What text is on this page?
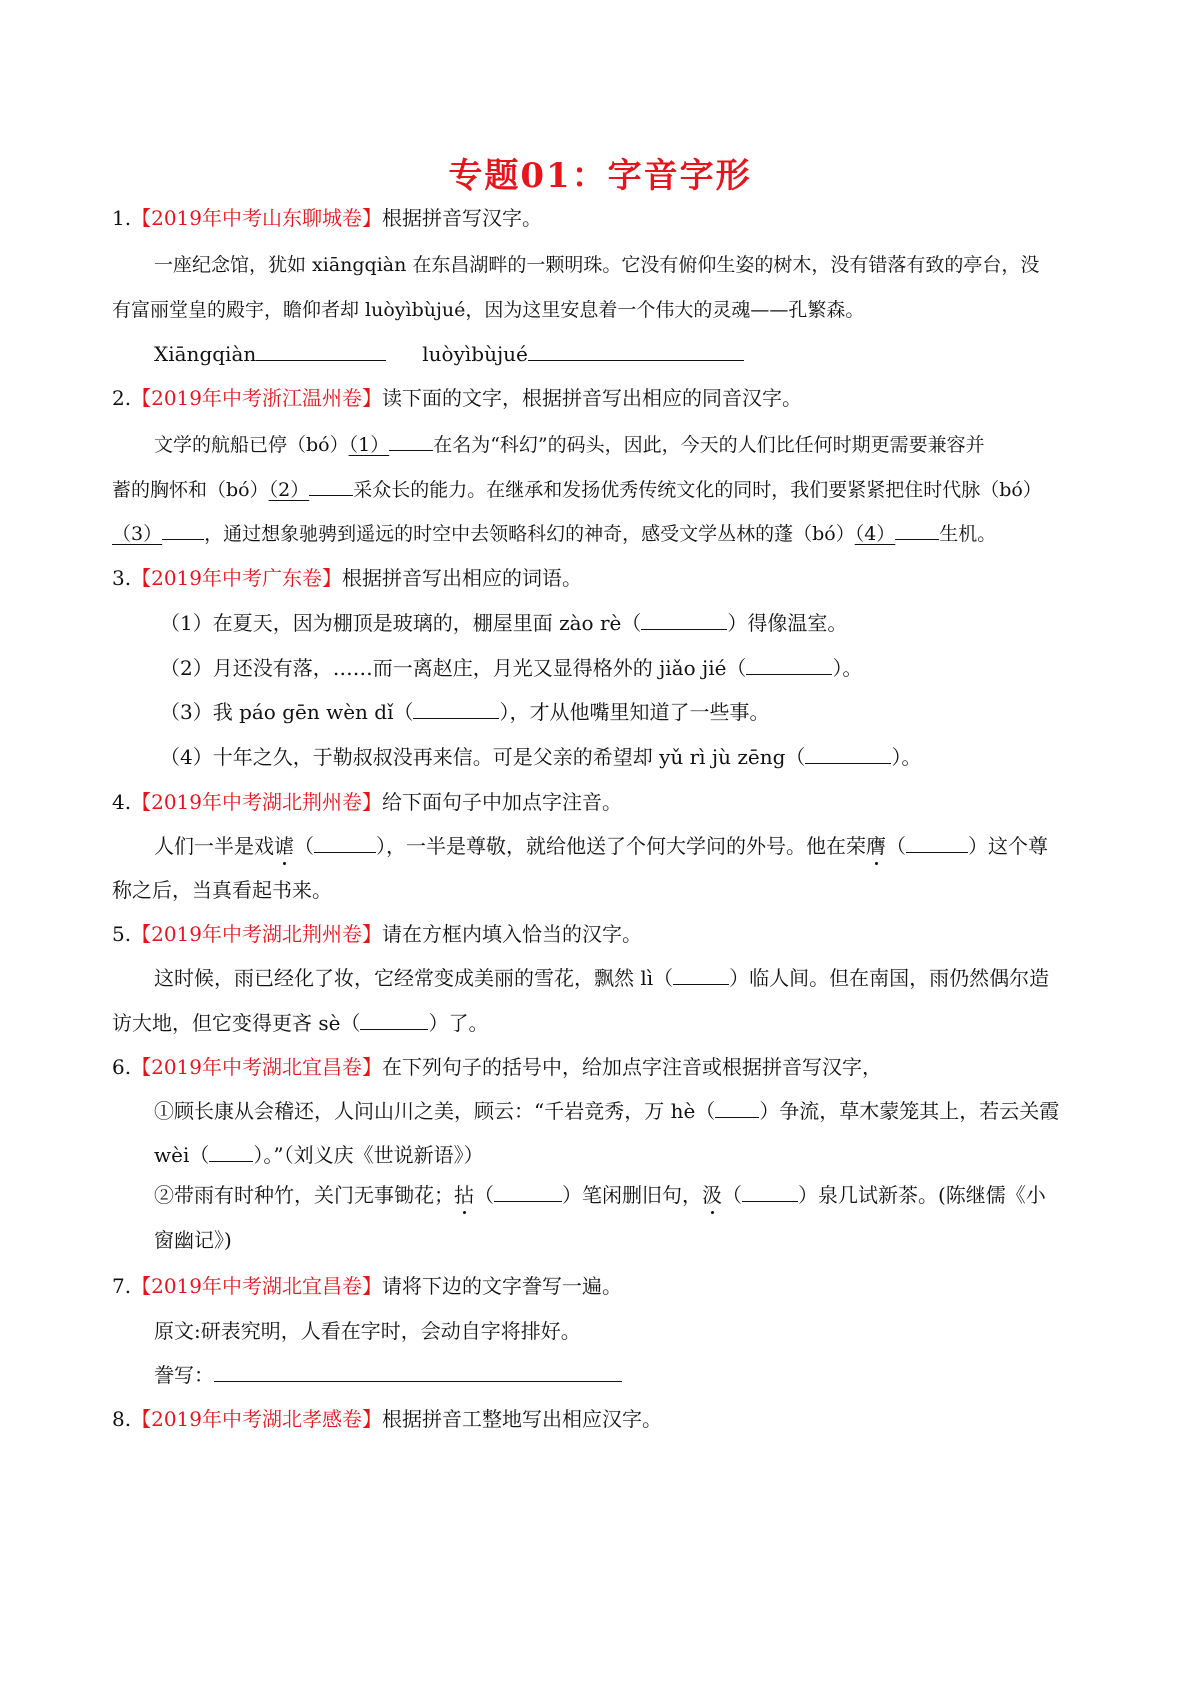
专题01：字音字形
1.【2019年中考山东聊城卷】根据拼音写汉字。
一座纪念馆，犹如 xiāngqiàn 在东昌湖畔的一颗明珠。它没有俯仰生姿的树木，没有错落有致的亭台，没
有富丽堂皇的殿宇，瞻仰者却 luòyìbùjué，因为这里安息着一个伟大的灵魂——孔繁森。
Xiāngqiàn	luòyìbùjué
2.【2019年中考浙江温州卷】读下面的文字，根据拼音写出相应的同音汉字。
文学的航船已停（bó）（1） 在名为“科幻”的码头，因此，今天的人们比任何时期更需要兼容并
蓄的胸怀和（bó）（2） 采众长的能力。在继承和发扬优秀传统文化的同时，我们要紧紧把住时代脉（bó）
（3） ，通过想象驰骋到遥远的时空中去领略科幻的神奇，感受文学丛林的蓬（bó）（4） 生机。
3.【2019年中考广东卷】根据拼音写出相应的词语。
（1）在夏天，因为棚顶是玻璃的，棚屋里面 zào rè（	）得像温室。
（2）月还没有落，……而一离赵庄，月光又显得格外的 jiǎo jié（	）。
（3）我 páo gēn wèn dǐ（	），才从他嘴里知道了一些事。
（4）十年之久，于勒叔叔没再来信。可是父亲的希望却 yǔ rì jù zēng（	）。
4.【2019年中考湖北荆州卷】给下面句子中加点字注音。
人们一半是戏谑（	），一半是尊敬，就给他送了个何大学问的外号。他在荣膺（	）这个尊
称之后，当真看起书来。
5.【2019年中考湖北荆州卷】请在方框内填入恰当的汉字。
这时候，雨已经化了妆，它经常变成美丽的雪花，飘然 lì（	）临人间。但在南国，雨仍然偶尔造
访大地，但它变得更吝 sè（	）了。
6.【2019年中考湖北宜昌卷】在下列句子的括号中，给加点字注音或根据拼音写汉字，
①顾长康从会稽还，人问山川之美，顾云：“千岩竞秀，万 hè（ ）争流，草木蒙笼其上，若云关霞
wèi（ ）。”（刘义庆《世说新语》）
②带雨有时种竹，关门无事锄花；拈（	）笔闲删旧句，汲（	）泉几试新茶。(陈继儒《小
窗幽记》)
7.【2019年中考湖北宜昌卷】请将下边的文字誊写一遍。
原文:研表究明，人看在字时，会动自字将排好。
誊写：
8.【2019年中考湖北孝感卷】根据拼音工整地写出相应汉字。
